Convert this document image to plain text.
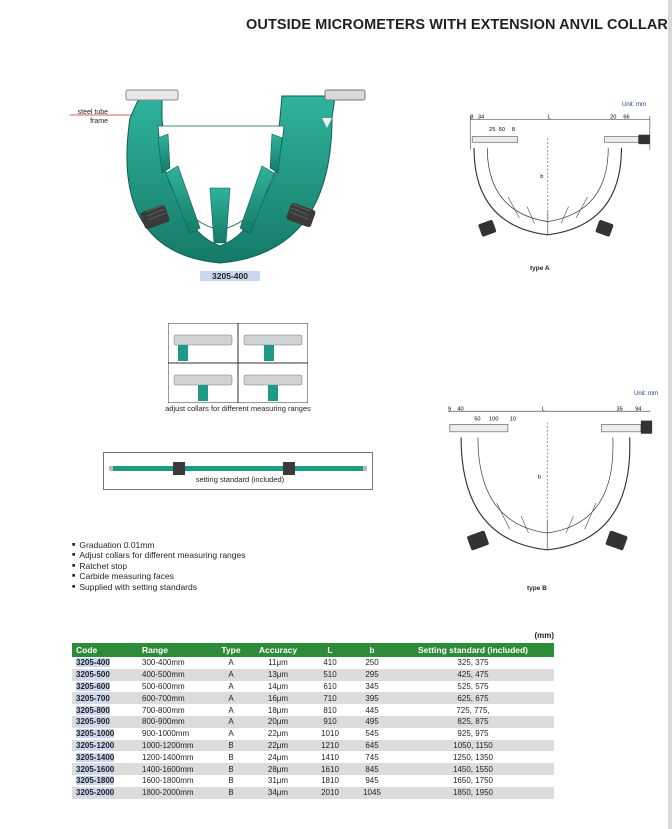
OUTSIDE MICROMETERS WITH EXTENSION ANVIL COLLAR
steel tube
frame
3205-400
Unit: mm
8 34
25 50 8
L	20 66
b
type A
adjust collars for different measuring ranges
Unit: mm
9 40
50 100 10
L	35 94
b
type B
setting standard (included)
■ Graduation 0.01mm
■ Adjust collars for different measuring ranges
■ Ratchet stop
■ Carbide measuring faces
■ Supplied with setting standards
(mm)
Code	Range	Type	Accuracy	L	b	Setting standard (included)
3205-400	300-400mm	A	11μm	410	250	325, 375
3205-500	400-500mm	A	13μm	510	295	425, 475
3205-600	500-600mm	A	14μm	610	345	525, 575
3205-700	600-700mm	A	16μm	710	395	625, 675
3205-800	700-800mm	A	18μm	810	445	725, 775,
3205-900	800-900mm	A	20μm	910	495	825, 875
3205-1000	900-1000mm	A	22μm	1010	545	925, 975
3205-1200	1000-1200mm	B	22μm	1210	645	1050, 1150
3205-1400	1200-1400mm	B	24μm	1410	745	1250, 1350
3205-1600	1400-1600mm	B	28μm	1610	845	1450, 1550
3205-1800	1600-1800mm	B	31μm	1810	945	1650, 1750
3205-2000	1800-2000mm	B	34μm	2010	1045	1850, 1950
